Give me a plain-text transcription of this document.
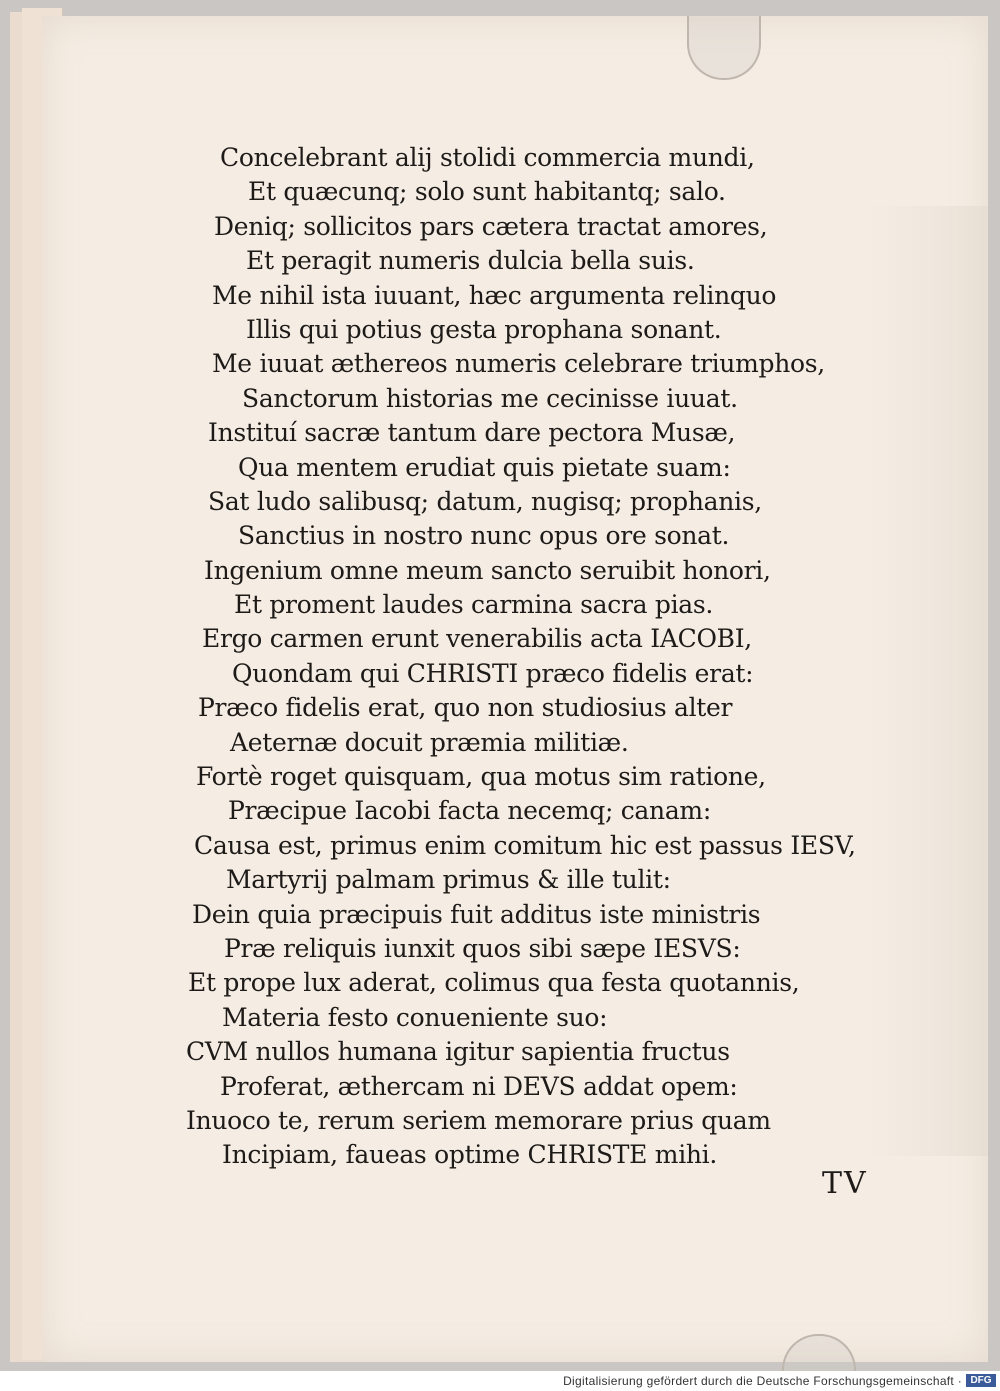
Concelebrant alij stolidi commercia mundi,
Et quæcunq; solo sunt habitantq; salo.
Deniq; sollicitos pars cætera tractat amores,
Et peragit numeris dulcia bella suis.
Me nihil ista iuuant, hæc argumenta relinquo
Illis qui potius gesta prophana sonant.
Me iuuat æthereos numeris celebrare triumphos,
Sanctorum historias me cecinisse iuuat.
Instituí sacræ tantum dare pectora Musæ,
Qua mentem erudiat quis pietate suam:
Sat ludo salibusq; datum, nugisq; prophanis,
Sanctius in nostro nunc opus ore sonat.
Ingenium omne meum sancto seruibit honori,
Et proment laudes carmina sacra pias.
Ergo carmen erunt venerabilis acta IACOBI,
Quondam qui CHRISTI præco fidelis erat:
Præco fidelis erat, quo non studiosius alter
Aeternæ docuit præmia militiæ.
Fortè roget quisquam, qua motus sim ratione,
Præcipue Iacobi facta necemq; canam:
Causa est, primus enim comitum hic est passus IESV,
Martyrij palmam primus & ille tulit:
Dein quia præcipuis fuit additus iste ministris
Præ reliquis iunxit quos sibi sæpe IESVS:
Et prope lux aderat, colimus qua festa quotannis,
Materia festo conueniente suo:
CVM nullos humana igitur sapientia fructus
Proferat, æthercam ni DEVS addat opem:
Inuoco te, rerum seriem memorare prius quam
Incipiam, faueas optime CHRISTE mihi.
TV
Digitalisierung gefördert durch die Deutsche Forschungsgemeinschaft · DFG
